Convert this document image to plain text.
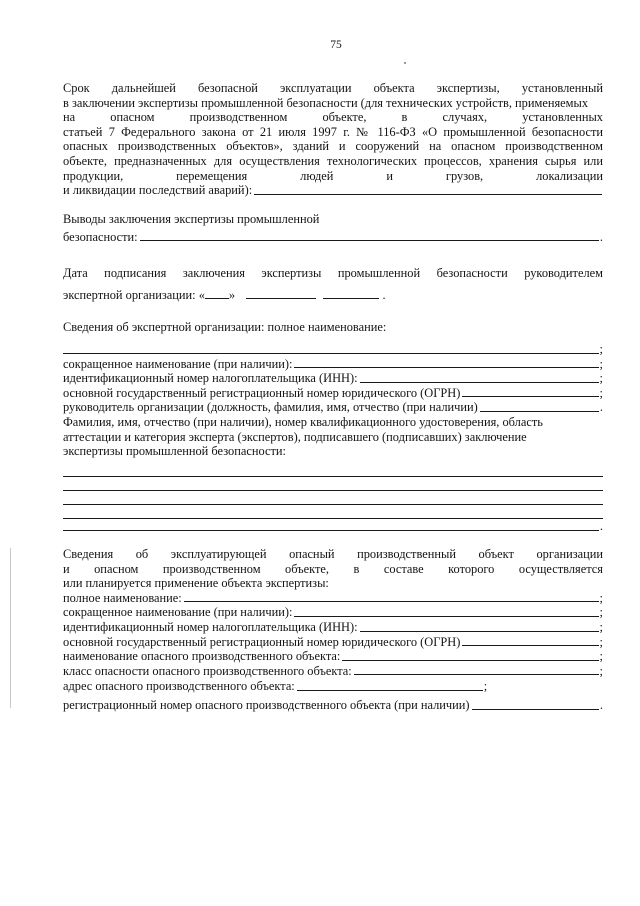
75
Срок дальнейшей безопасной эксплуатации объекта экспертизы, установленный
в заключении экспертизы промышленной безопасности (для технических устройств, применяемых
на опасном производственном объекте, в случаях, установленных
статьей 7 Федерального закона от 21 июля 1997 г. № 116-ФЗ «О промышленной безопасности
опасных производственных объектов», зданий и сооружений на опасном производственном
объекте, предназначенных для осуществления технологических процессов, хранения сырья или
продукции, перемещения людей и грузов, локализации
и ликвидации последствий аварий):
Выводы заключения экспертизы промышленной
безопасности:	.
Дата подписания заключения экспертизы промышленной безопасности руководителем
экспертной организации: « »	.
Сведения об экспертной организации: полное наименование:
;
сокращенное наименование (при наличии):	;
идентификационный номер налогоплательщика (ИНН):	;
основной государственный регистрационный номер юридического (ОГРН)	;
руководитель организации (должность, фамилия, имя, отчество (при наличии)	.
Фамилия, имя, отчество (при наличии), номер квалификационного удостоверения, область
аттестации и категория эксперта (экспертов), подписавшего (подписавших) заключение
экспертизы промышленной безопасности:
.
Сведения об эксплуатирующей опасный производственный объект организации
и опасном производственном объекте, в составе которого осуществляется
или планируется применение объекта экспертизы:
полное наименование:	;
сокращенное наименование (при наличии):	;
идентификационный номер налогоплательщика (ИНН):	;
основной государственный регистрационный номер юридического (ОГРН)	;
наименование опасного производственного объекта:	;
класс опасности опасного производственного объекта:	;
адрес опасного производственного объекта:	;
регистрационный номер опасного производственного объекта (при наличии)	.
